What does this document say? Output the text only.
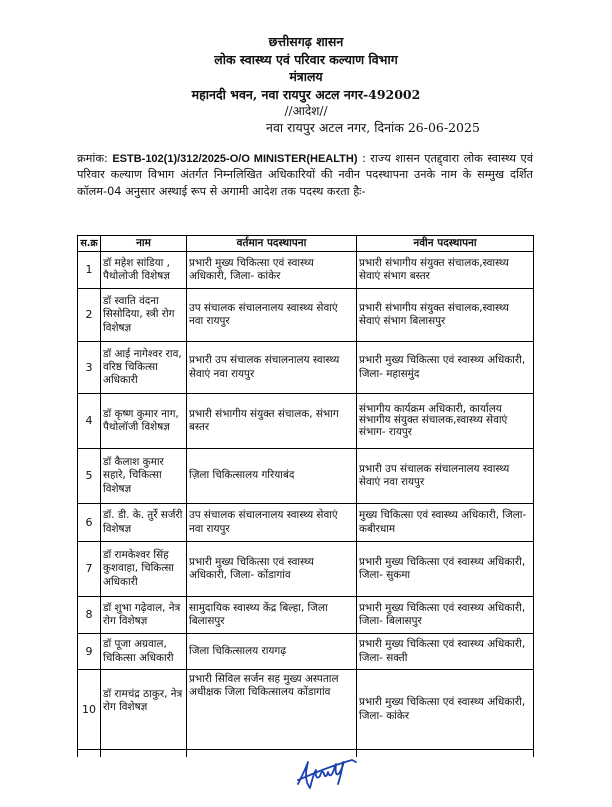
छत्तीसगढ़ शासन
लोक स्वास्थ्य एवं परिवार कल्याण विभाग
मंत्रालय
महानदी भवन, नवा रायपुर अटल नगर-492002
//आदेश//
नवा रायपुर अटल नगर, दिनांक 26-06-2025
क्रमांक: ESTB-102(1)/312/2025-O/O MINISTER(HEALTH) : राज्य शासन एतद्द्वारा लोक स्वास्थ्य एवं परिवार कल्याण विभाग अंतर्गत निम्नलिखित अधिकारियों की नवीन पदस्थापना उनके नाम के सम्मुख दर्शित कॉलम-04 अनुसार अस्थाई रूप से अगामी आदेश तक पदस्थ करता हैः-
स.क्र	नाम	वर्तमान पदस्थापना	नवीन पदस्थापना
1	डॉ महेश सांडिया , पैथोलोजी विशेषज्ञ	प्रभारी मुख्य चिकित्सा एवं स्वास्थ्य अधिकारी, जिला- कांकेर	प्रभारी संभागीय संयुक्त संचालक,स्वास्थ्य सेवाएं संभाग बस्तर
2	डॉ स्वाति वंदना सिसोदिया, स्त्री रोग विशेषज्ञ	उप संचालक संचालनालय स्वास्थ्य सेवाएं नवा रायपुर	प्रभारी संभागीय संयुक्त संचालक,स्वास्थ्य सेवाएं संभाग बिलासपुर
3	डॉ आई नागेश्वर राव, वरिष्ठ चिकित्सा अधिकारी	प्रभारी उप संचालक संचालनालय स्वास्थ्य सेवाएं नवा रायपुर	प्रभारी मुख्य चिकित्सा एवं स्वास्थ्य अधिकारी, जिला- महासमुंद
4	डॉ कृष्ण कुमार नाग, पैथोलॉजी विशेषज्ञ	प्रभारी संभागीय संयुक्त संचालक, संभाग बस्तर	संभागीय कार्यक्रम अधिकारी, कार्यालय संभागीय संयुक्त संचालक,स्वास्थ्य सेवाएं संभाग- रायपुर
5	डॉ कैलाश कुमार सहारे, चिकित्सा विशेषज्ञ	ज़िला चिकित्सालय गरियाबंद	प्रभारी उप संचालक संचालनालय स्वास्थ्य सेवाएं नवा रायपुर
6	डॉ. डी. के. तुर्रे सर्जरी विशेषज्ञ	उप संचालक संचालनालय स्वास्थ्य सेवाएं नवा रायपुर	मुख्य चिकित्सा एवं स्वास्थ्य अधिकारी, जिला- कबीरधाम
7	डॉ रामकेश्वर सिंह कुशवाहा, चिकित्सा अधिकारी	प्रभारी मुख्य चिकित्सा एवं स्वास्थ्य अधिकारी, जिला- कोंडागांव	प्रभारी मुख्य चिकित्सा एवं स्वास्थ्य अधिकारी, जिला- सुकमा
8	डॉ शुभा गढ़ेवाल, नेत्र रोग विशेषज्ञ	सामुदायिक स्वास्थ्य केंद्र बिल्हा, जिला बिलासपुर	प्रभारी मुख्य चिकित्सा एवं स्वास्थ्य अधिकारी, जिला- बिलासपुर
9	डॉ पूजा अग्रवाल, चिकित्सा अधिकारी	जिला चिकित्सालय रायगढ़	प्रभारी मुख्य चिकित्सा एवं स्वास्थ्य अधिकारी, जिला- सक्ती
10	डॉ रामचंद्र ठाकुर, नेत्र रोग विशेषज्ञ	प्रभारी सिविल सर्जन सह मुख्य अस्पताल अधीक्षक जिला चिकित्सालय कोंडागांव	प्रभारी मुख्य चिकित्सा एवं स्वास्थ्य अधिकारी, जिला- कांकेर
